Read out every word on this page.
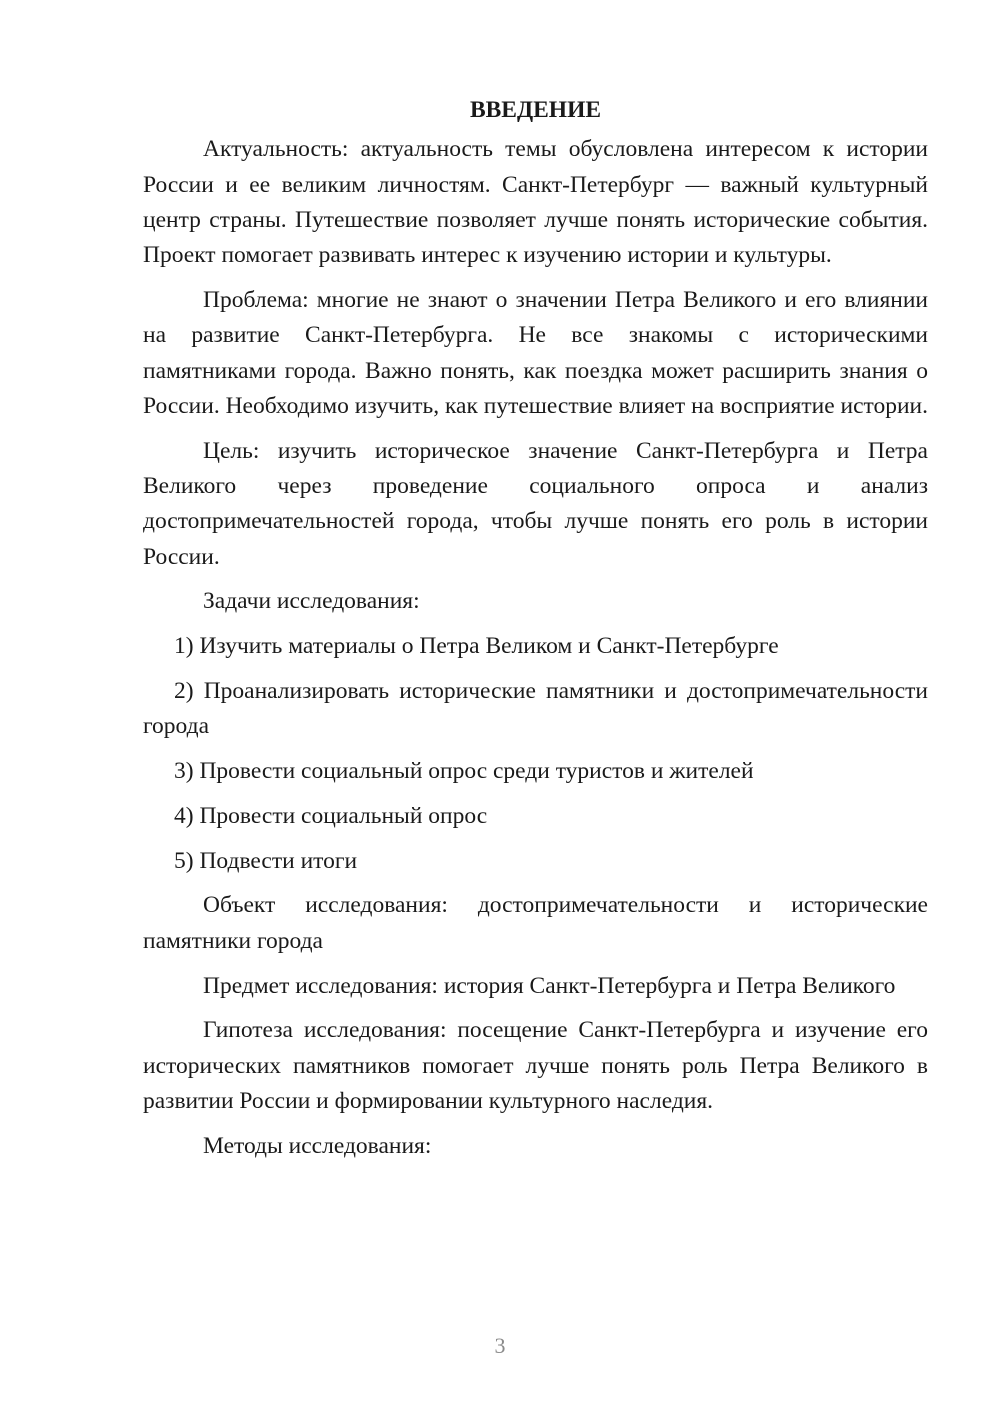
ВВЕДЕНИЕ

Актуальность: актуальность темы обусловлена интересом к истории России и ее великим личностям. Санкт-Петербург — важный культурный центр страны. Путешествие позволяет лучше понять исторические события. Проект помогает развивать интерес к изучению истории и культуры.

Проблема: многие не знают о значении Петра Великого и его влиянии на развитие Санкт-Петербурга. Не все знакомы с историческими памятниками города. Важно понять, как поездка может расширить знания о России. Необходимо изучить, как путешествие влияет на восприятие истории.

Цель: изучить историческое значение Санкт-Петербурга и Петра Великого через проведение социального опроса и анализ достопримечательностей города, чтобы лучше понять его роль в истории России.

Задачи исследования:

1) Изучить материалы о Петра Великом и Санкт-Петербурге

2) Проанализировать исторические памятники и достопримечательности города

3) Провести социальный опрос среди туристов и жителей

4) Провести социальный опрос

5) Подвести итоги

Объект исследования: достопримечательности и исторические памятники города

Предмет исследования: история Санкт-Петербурга и Петра Великого

Гипотеза исследования: посещение Санкт-Петербурга и изучение его исторических памятников помогает лучше понять роль Петра Великого в развитии России и формировании культурного наследия.

Методы исследования:

3
